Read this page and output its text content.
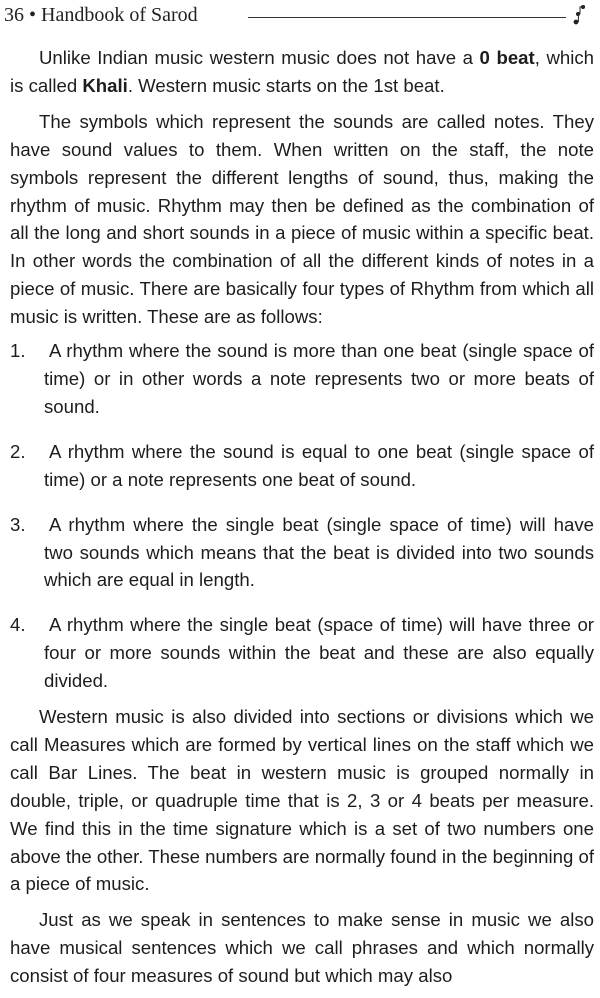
36 • Handbook of Sarod

Unlike Indian music western music does not have a 0 beat, which is called Khali. Western music starts on the 1st beat.

The symbols which represent the sounds are called notes. They have sound values to them. When written on the staff, the note symbols represent the different lengths of sound, thus, making the rhythm of music. Rhythm may then be defined as the combination of all the long and short sounds in a piece of music within a specific beat. In other words the combination of all the different kinds of notes in a piece of music. There are basically four types of Rhythm from which all music is written. These are as follows:

1. A rhythm where the sound is more than one beat (single space of time) or in other words a note represents two or more beats of sound.
2. A rhythm where the sound is equal to one beat (single space of time) or a note represents one beat of sound.
3. A rhythm where the single beat (single space of time) will have two sounds which means that the beat is divided into two sounds which are equal in length.
4. A rhythm where the single beat (space of time) will have three or four or more sounds within the beat and these are also equally divided.

Western music is also divided into sections or divisions which we call Measures which are formed by vertical lines on the staff which we call Bar Lines. The beat in western music is grouped normally in double, triple, or quadruple time that is 2, 3 or 4 beats per measure. We find this in the time signature which is a set of two numbers one above the other. These numbers are normally found in the beginning of a piece of music.

Just as we speak in sentences to make sense in music we also have musical sentences which we call phrases and which normally consist of four measures of sound but which may also
